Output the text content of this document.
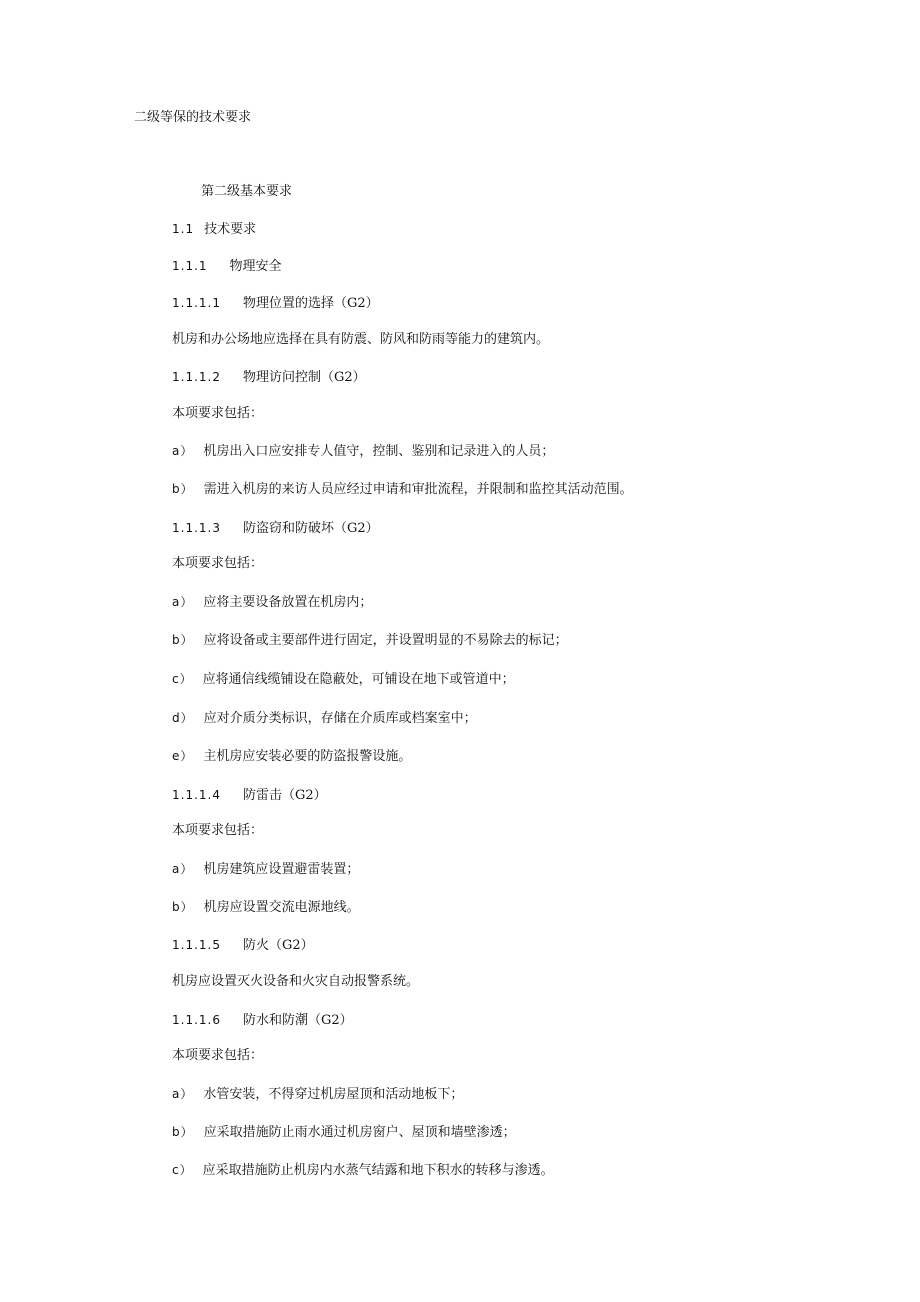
二级等保的技术要求

第二级基本要求

1.1 技术要求

1.1.1 物理安全

1.1.1.1 物理位置的选择（G2）

机房和办公场地应选择在具有防震、防风和防雨等能力的建筑内。

1.1.1.2 物理访问控制（G2）

本项要求包括：

a） 机房出入口应安排专人值守，控制、鉴别和记录进入的人员；

b） 需进入机房的来访人员应经过申请和审批流程，并限制和监控其活动范围。

1.1.1.3 防盗窃和防破坏（G2）

本项要求包括：

a） 应将主要设备放置在机房内；

b） 应将设备或主要部件进行固定，并设置明显的不易除去的标记；

c） 应将通信线缆铺设在隐蔽处，可铺设在地下或管道中；

d） 应对介质分类标识，存储在介质库或档案室中；

e） 主机房应安装必要的防盗报警设施。

1.1.1.4 防雷击（G2）

本项要求包括：

a） 机房建筑应设置避雷装置；

b） 机房应设置交流电源地线。

1.1.1.5 防火（G2）

机房应设置灭火设备和火灾自动报警系统。

1.1.1.6 防水和防潮（G2）

本项要求包括：

a） 水管安装，不得穿过机房屋顶和活动地板下；

b） 应采取措施防止雨水通过机房窗户、屋顶和墙壁渗透；

c） 应采取措施防止机房内水蒸气结露和地下积水的转移与渗透。
